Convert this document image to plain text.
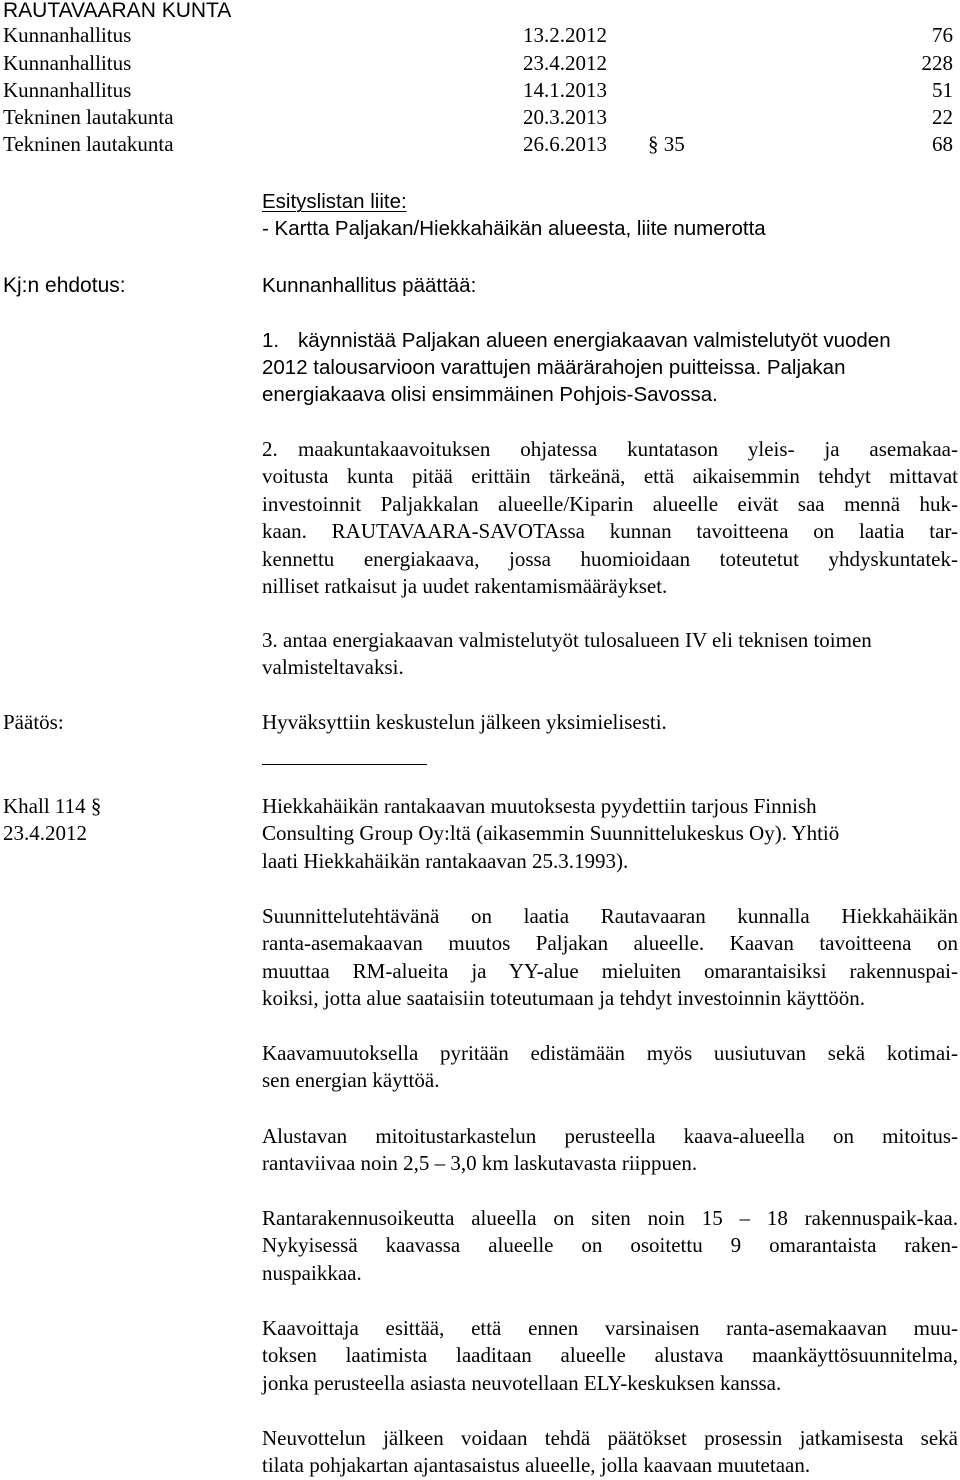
RAUTAVAARAN KUNTA
Kunnanhallitus	13.2.2012	76
Kunnanhallitus	23.4.2012	228
Kunnanhallitus	14.1.2013	51
Tekninen lautakunta	20.3.2013	22
Tekninen lautakunta	26.6.2013 § 35	68
Esityslistan liite:
- Kartta Paljakan/Hiekkahäikän alueesta, liite numerotta
Kj:n ehdotus:	Kunnanhallitus päättää:
1. käynnistää Paljakan alueen energiakaavan valmistelutyöt vuoden
2012 talousarvioon varattujen määrärahojen puitteissa. Paljakan
energiakaava olisi ensimmäinen Pohjois-Savossa.
2. maakuntakaavoituksen ohjatessa kuntatason yleis- ja asemakaa-
voitusta kunta pitää erittäin tärkeänä, että aikaisemmin tehdyt mittavat
investoinnit Paljakkalan alueelle/Kiparin alueelle eivät saa mennä huk-
kaan. RAUTAVAARA-SAVOTAssa kunnan tavoitteena on laatia tar-
kennettu energiakaava, jossa huomioidaan toteutetut yhdyskuntatek-
nilliset ratkaisut ja uudet rakentamismääräykset.
3. antaa energiakaavan valmistelutyöt tulosalueen IV eli teknisen toimen
valmisteltavaksi.
Päätös:	Hyväksyttiin keskustelun jälkeen yksimielisesti.
Khall 114 §
23.4.2012
Hiekkahäikän rantakaavan muutoksesta pyydettiin tarjous Finnish
Consulting Group Oy:ltä (aikasemmin Suunnittelukeskus Oy). Yhtiö
laati Hiekkahäikän rantakaavan 25.3.1993).
Suunnittelutehtävänä on laatia Rautavaaran kunnalla Hiekkahäikän
ranta-asemakaavan muutos Paljakan alueelle. Kaavan tavoitteena on
muuttaa RM-alueita ja YY-alue mieluiten omarantaisiksi rakennuspai-
koiksi, jotta alue saataisiin toteutumaan ja tehdyt investoinnin käyttöön.
Kaavamuutoksella pyritään edistämään myös uusiutuvan sekä kotimai-
sen energian käyttöä.
Alustavan mitoitustarkastelun perusteella kaava-alueella on mitoitus-
rantaviivaa noin 2,5 – 3,0 km laskutavasta riippuen.
Rantarakennusoikeutta alueella on siten noin 15 – 18 rakennuspaik-kaa.
Nykyisessä kaavassa alueelle on osoitettu 9 omarantaista raken-
nuspaikkaa.
Kaavoittaja esittää, että ennen varsinaisen ranta-asemakaavan muu-
toksen laatimista laaditaan alueelle alustava maankäyttösuunnitelma,
jonka perusteella asiasta neuvotellaan ELY-keskuksen kanssa.
Neuvottelun jälkeen voidaan tehdä päätökset prosessin jatkamisesta sekä
tilata pohjakartan ajantasaistus alueelle, jolla kaavaan muutetaan.
